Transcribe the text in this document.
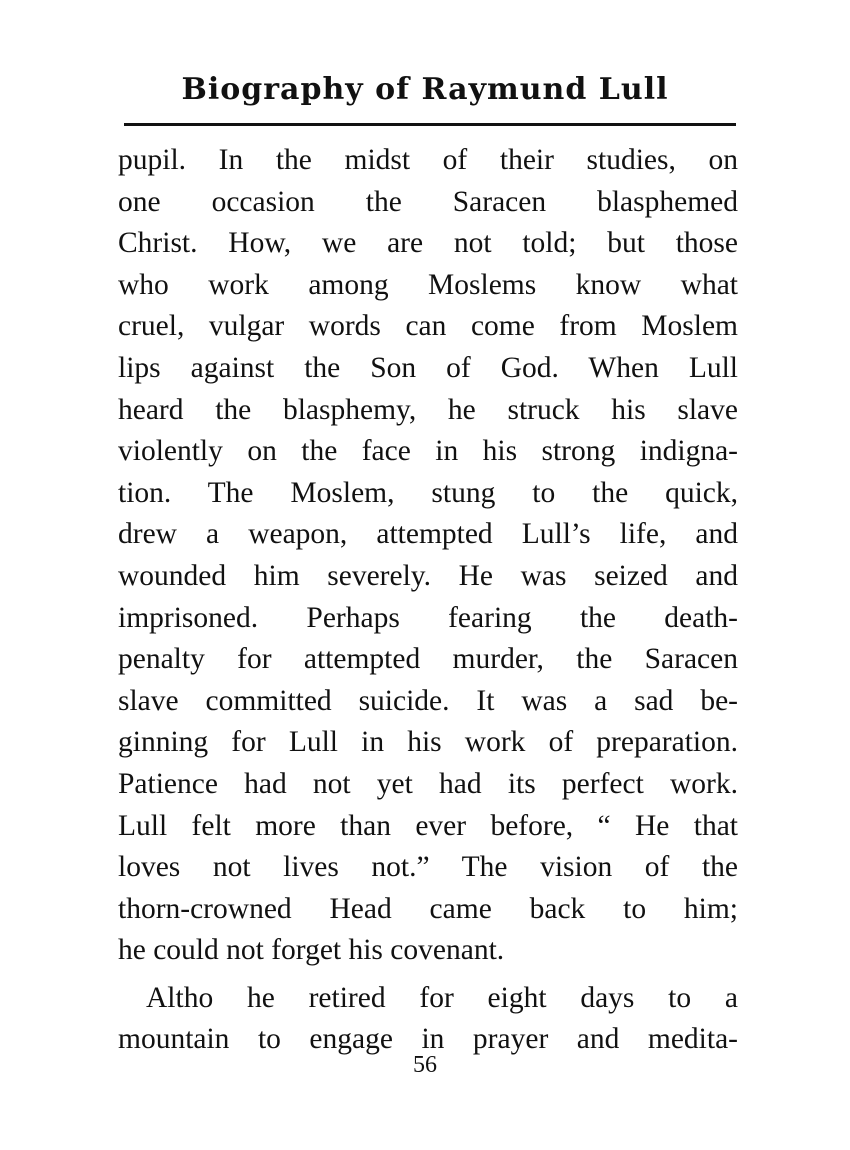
Biography of Raymund Lull
pupil. In the midst of their studies, on
one occasion the Saracen blasphemed
Christ. How, we are not told; but those
who work among Moslems know what
cruel, vulgar words can come from Moslem
lips against the Son of God. When Lull
heard the blasphemy, he struck his slave
violently on the face in his strong indigna-
tion. The Moslem, stung to the quick,
drew a weapon, attempted Lull’s life, and
wounded him severely. He was seized and
imprisoned. Perhaps fearing the death-
penalty for attempted murder, the Saracen
slave committed suicide. It was a sad be-
ginning for Lull in his work of preparation.
Patience had not yet had its perfect work.
Lull felt more than ever before, “ He that
loves not lives not.” The vision of the
thorn-crowned Head came back to him;
he could not forget his covenant.
Altho he retired for eight days to a
mountain to engage in prayer and medita-
56
